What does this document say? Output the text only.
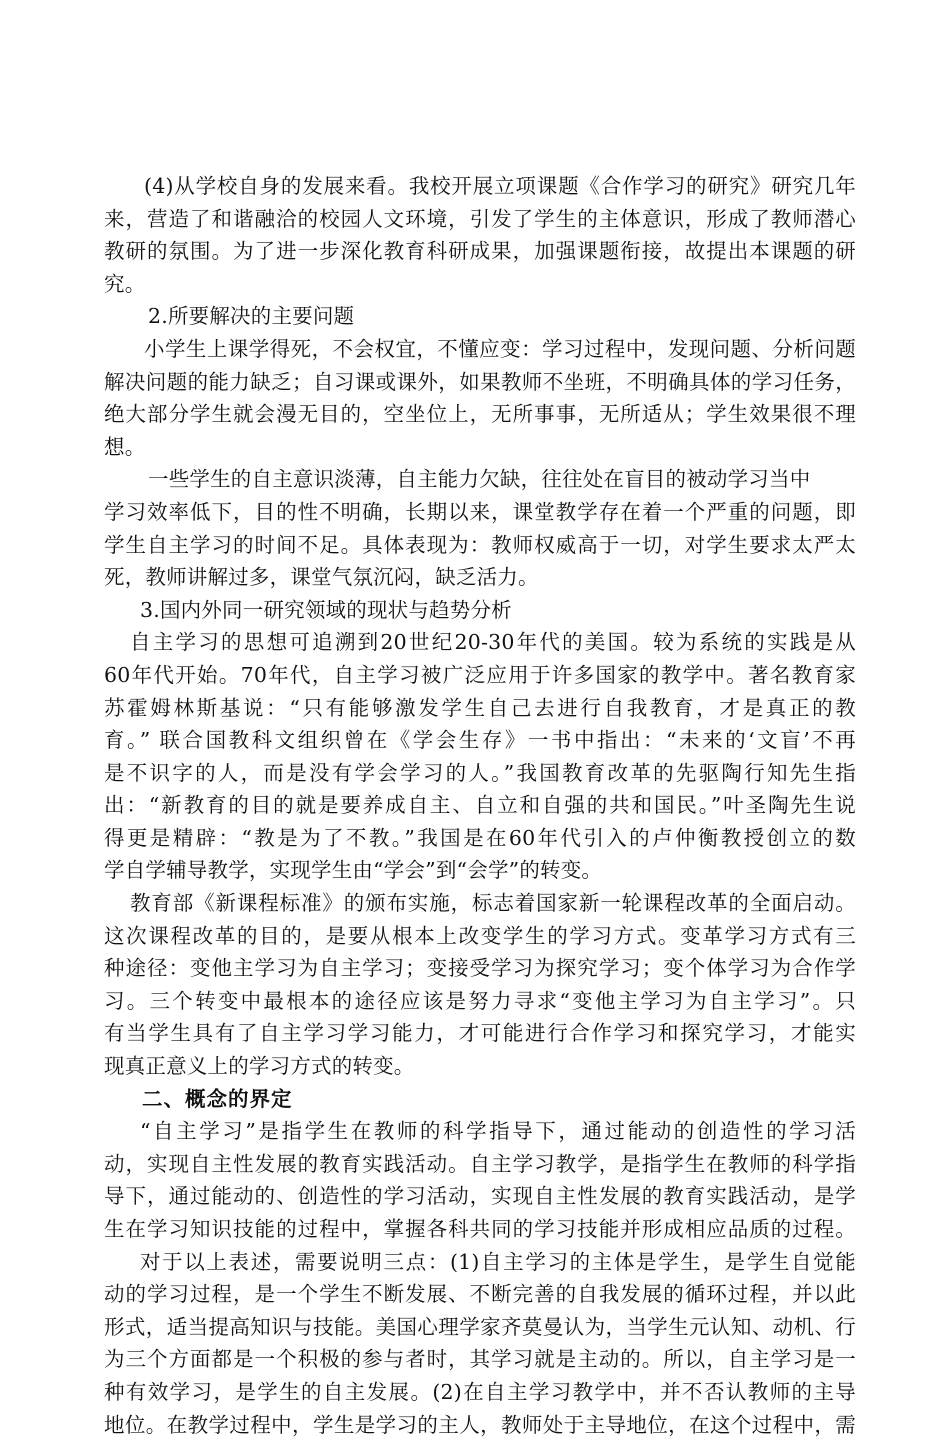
(4)从学校自身的发展来看。我校开展立项课题《合作学习的研究》研究几年
来，营造了和谐融洽的校园人文环境，引发了学生的主体意识，形成了教师潜心
教研的氛围。为了进一步深化教育科研成果，加强课题衔接，故提出本课题的研
究。
2.所要解决的主要问题
小学生上课学得死，不会权宜，不懂应变：学习过程中，发现问题、分析问题
解决问题的能力缺乏；自习课或课外，如果教师不坐班，不明确具体的学习任务，
绝大部分学生就会漫无目的，空坐位上，无所事事，无所适从；学生效果很不理
想。
一些学生的自主意识淡薄，自主能力欠缺，往往处在盲目的被动学习当中
学习效率低下，目的性不明确，长期以来，课堂教学存在着一个严重的问题，即
学生自主学习的时间不足。具体表现为：教师权威高于一切，对学生要求太严太
死，教师讲解过多，课堂气氛沉闷，缺乏活力。
3.国内外同一研究领域的现状与趋势分析
自主学习的思想可追溯到20世纪20-30年代的美国。较为系统的实践是从
60年代开始。70年代，自主学习被广泛应用于许多国家的教学中。著名教育家
苏霍姆林斯基说：“只有能够激发学生自己去进行自我教育，才是真正的教
育。” 联合国教科文组织曾在《学会生存》一书中指出：“未来的‘文盲’不再
是不识字的人，而是没有学会学习的人。”我国教育改革的先驱陶行知先生指
出：“新教育的目的就是要养成自主、自立和自强的共和国民。”叶圣陶先生说
得更是精辟：“教是为了不教。”我国是在60年代引入的卢仲衡教授创立的数
学自学辅导教学，实现学生由“学会”到“会学”的转变。
教育部《新课程标准》的颁布实施，标志着国家新一轮课程改革的全面启动。
这次课程改革的目的，是要从根本上改变学生的学习方式。变革学习方式有三
种途径：变他主学习为自主学习；变接受学习为探究学习；变个体学习为合作学
习。三个转变中最根本的途径应该是努力寻求“变他主学习为自主学习”。只
有当学生具有了自主学习学习能力，才可能进行合作学习和探究学习，才能实
现真正意义上的学习方式的转变。
二、概念的界定
“自主学习”是指学生在教师的科学指导下，通过能动的创造性的学习活
动，实现自主性发展的教育实践活动。自主学习教学，是指学生在教师的科学指
导下，通过能动的、创造性的学习活动，实现自主性发展的教育实践活动，是学
生在学习知识技能的过程中，掌握各科共同的学习技能并形成相应品质的过程。
对于以上表述，需要说明三点：(1)自主学习的主体是学生，是学生自觉能
动的学习过程，是一个学生不断发展、不断完善的自我发展的循环过程，并以此
形式，适当提高知识与技能。美国心理学家齐莫曼认为，当学生元认知、动机、行
为三个方面都是一个积极的参与者时，其学习就是主动的。所以，自主学习是一
种有效学习，是学生的自主发展。(2)在自主学习教学中，并不否认教师的主导
地位。在教学过程中，学生是学习的主人，教师处于主导地位，在这个过程中，需
